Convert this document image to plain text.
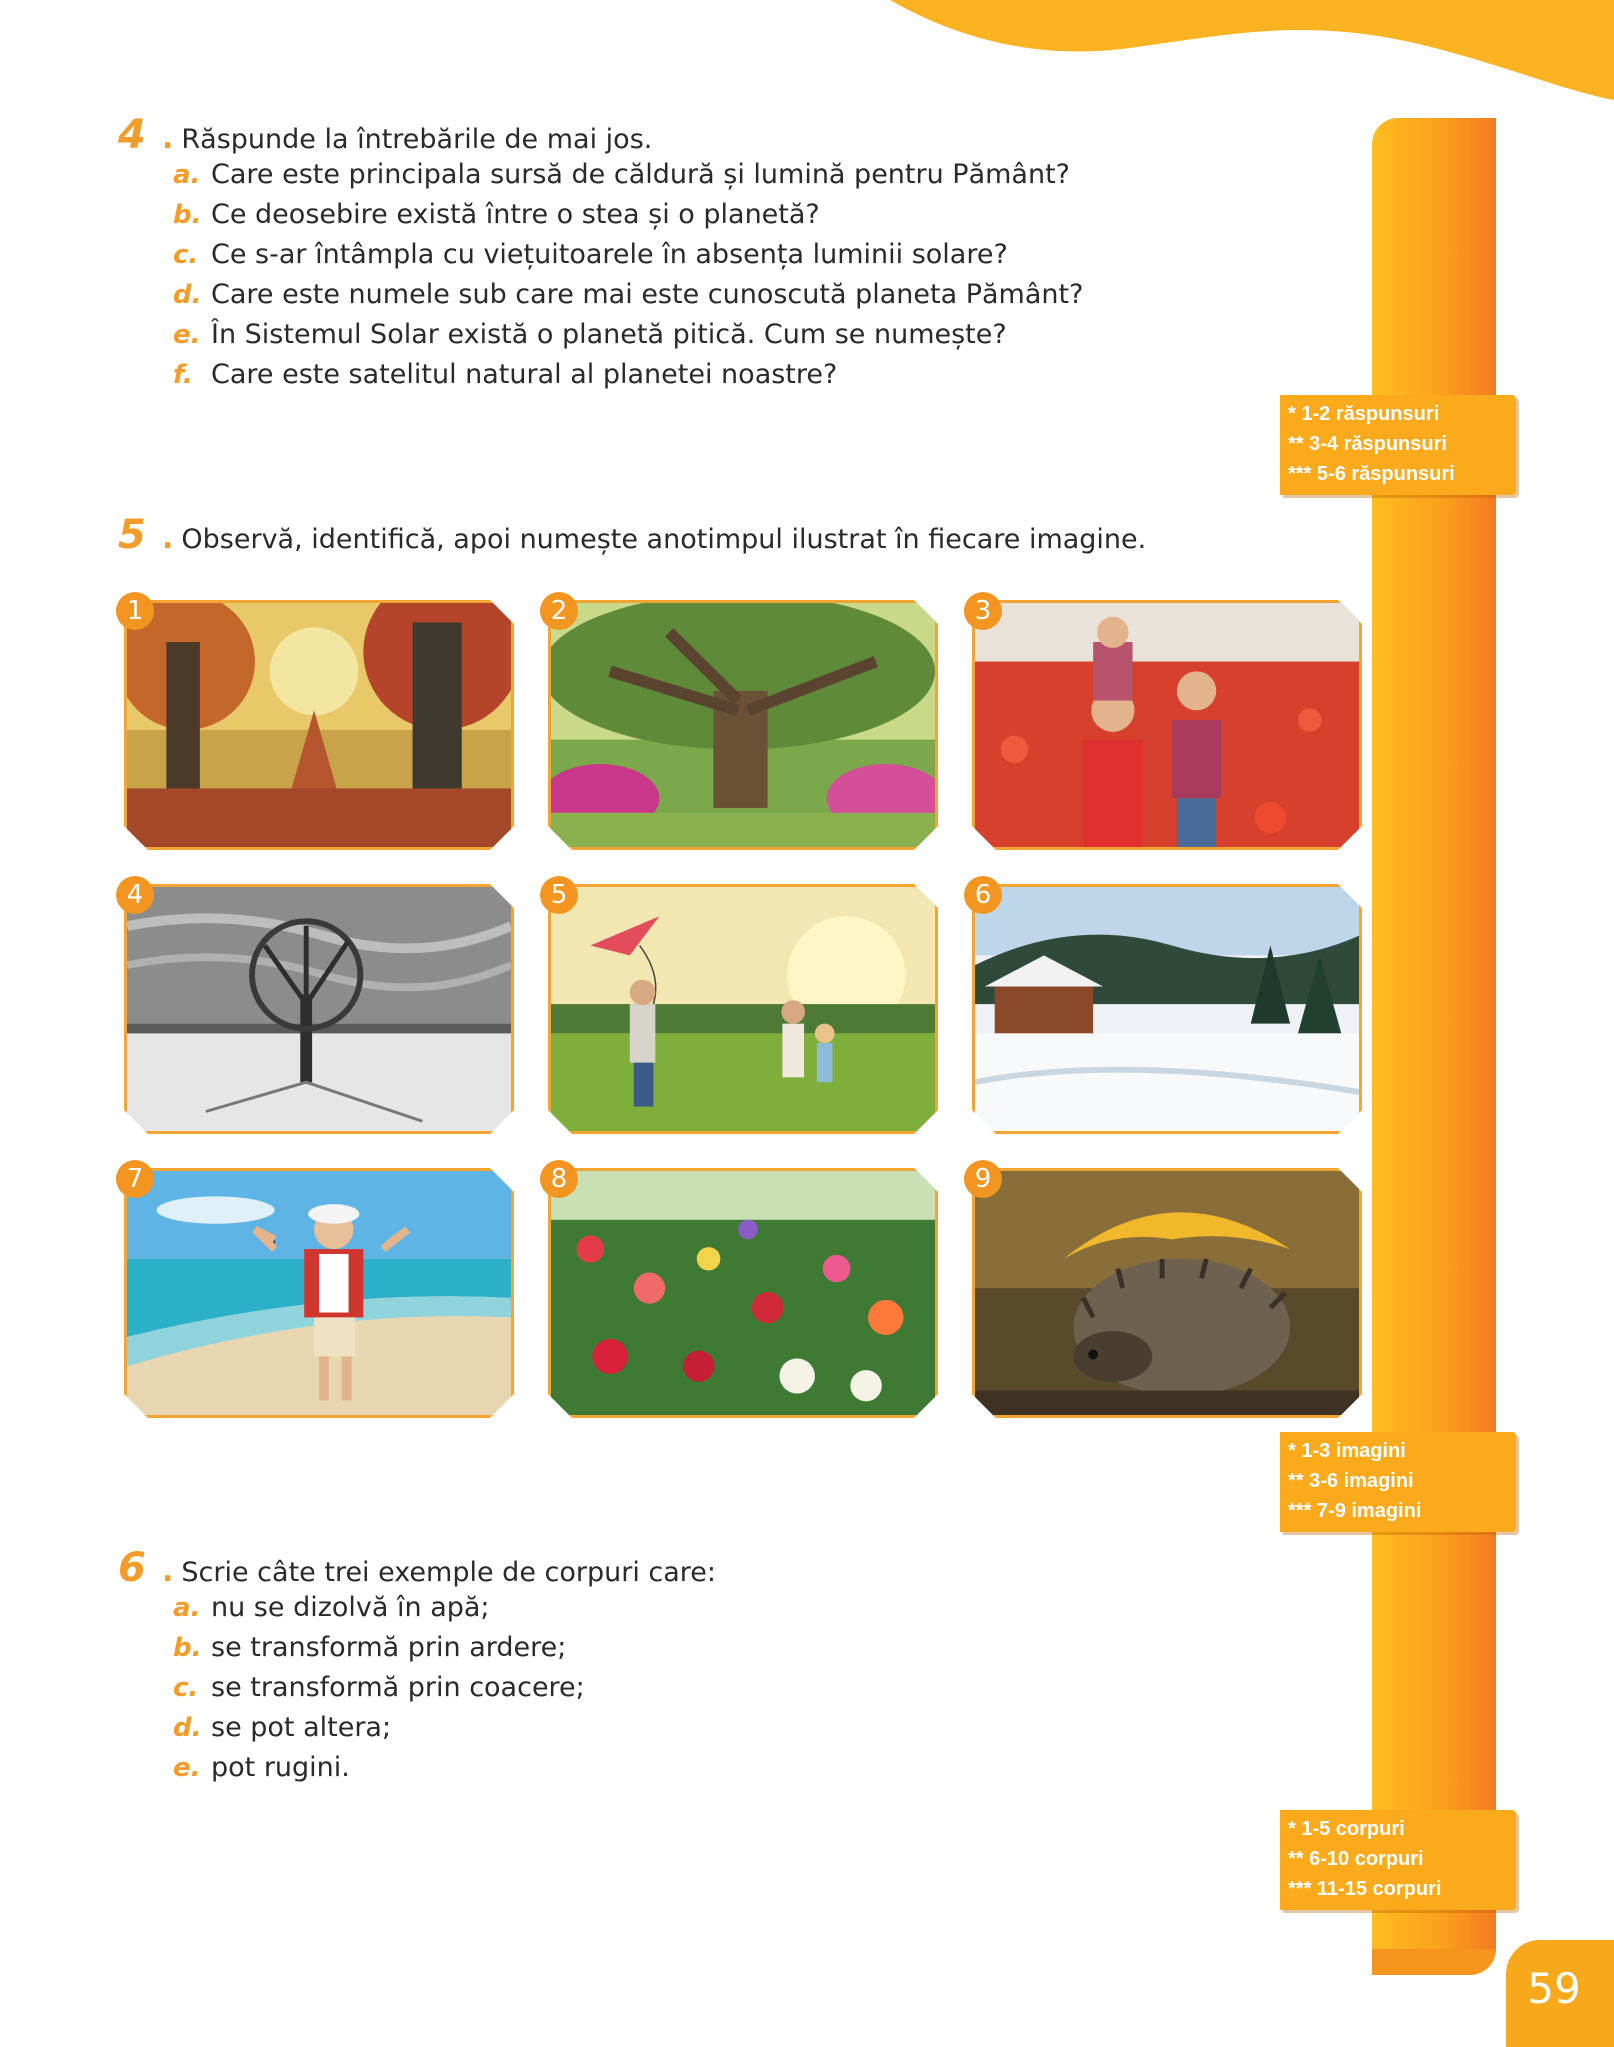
59
4 . Răspunde la întrebările de mai jos.
a. Care este principala sursă de căldură și lumină pentru Pământ?
b. Ce deosebire există între o stea și o planetă?
c. Ce s-ar întâmpla cu viețuitoarele în absența luminii solare?
d. Care este numele sub care mai este cunoscută planeta Pământ?
e. În Sistemul Solar există o planetă pitică. Cum se numește?
f. Care este satelitul natural al planetei noastre?
* 1-2 răspunsuri
** 3-4 răspunsuri
*** 5-6 răspunsuri
5 . Observă, identifică, apoi numește anotimpul ilustrat în fiecare imagine.
1	2	3
4	5	6
7	8	9
* 1-3 imagini
** 3-6 imagini
*** 7-9 imagini
6 . Scrie câte trei exemple de corpuri care:
a. nu se dizolvă în apă;
b. se transformă prin ardere;
c. se transformă prin coacere;
d. se pot altera;
e. pot rugini.
* 1-5 corpuri
** 6-10 corpuri
*** 11-15 corpuri
